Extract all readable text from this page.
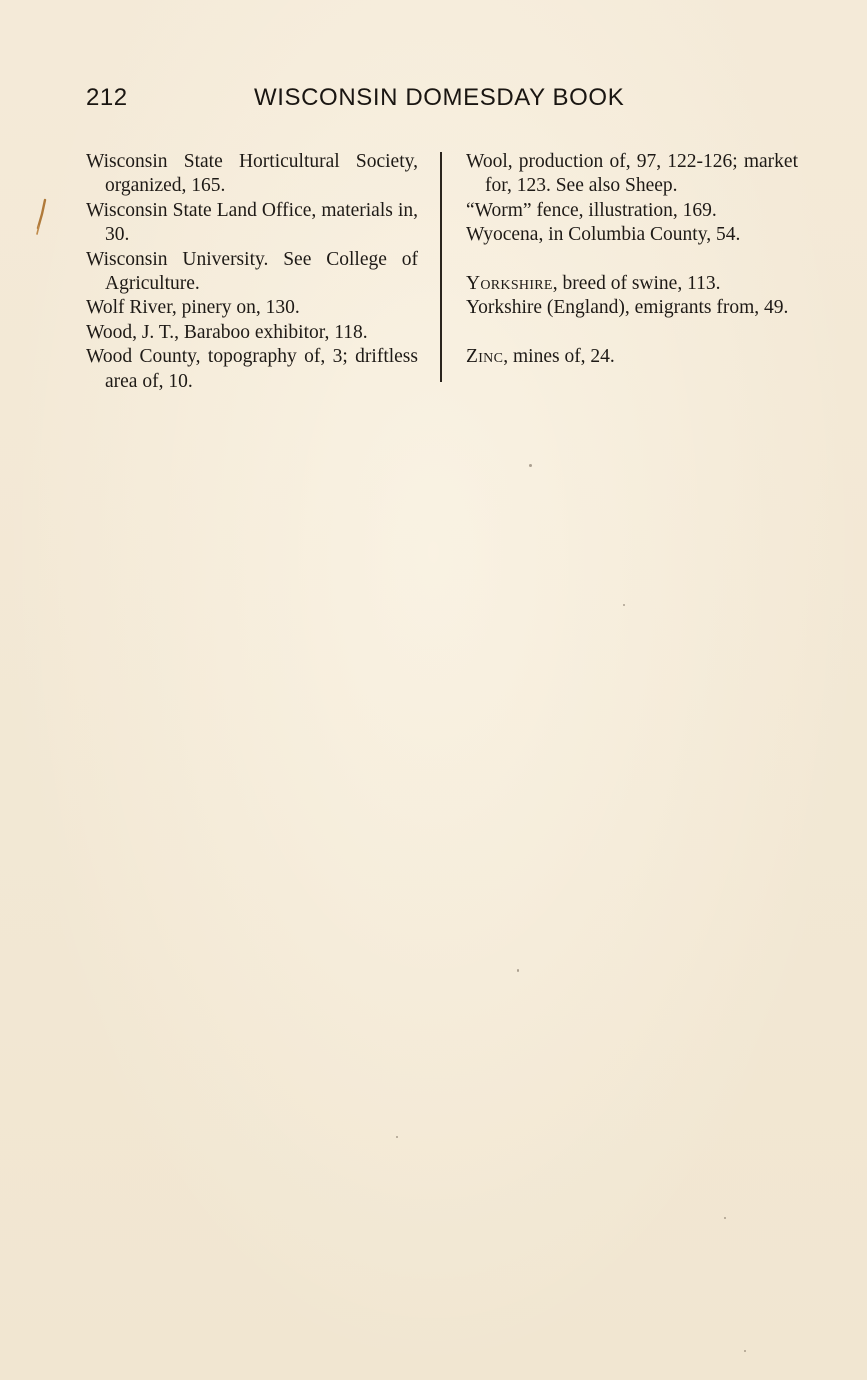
212	WISCONSIN DOMESDAY BOOK
Wisconsin State Horticultural Society, organized, 165.
Wisconsin State Land Office, materials in, 30.
Wisconsin University. See College of Agriculture.
Wolf River, pinery on, 130.
Wood, J. T., Baraboo exhibitor, 118.
Wood County, topography of, 3; driftless area of, 10.
Wool, production of, 97, 122-126; market for, 123. See also Sheep.
“Worm” fence, illustration, 169.
Wyocena, in Columbia County, 54.
Yorkshire, breed of swine, 113.
Yorkshire (England), emigrants from, 49.
Zinc, mines of, 24.
